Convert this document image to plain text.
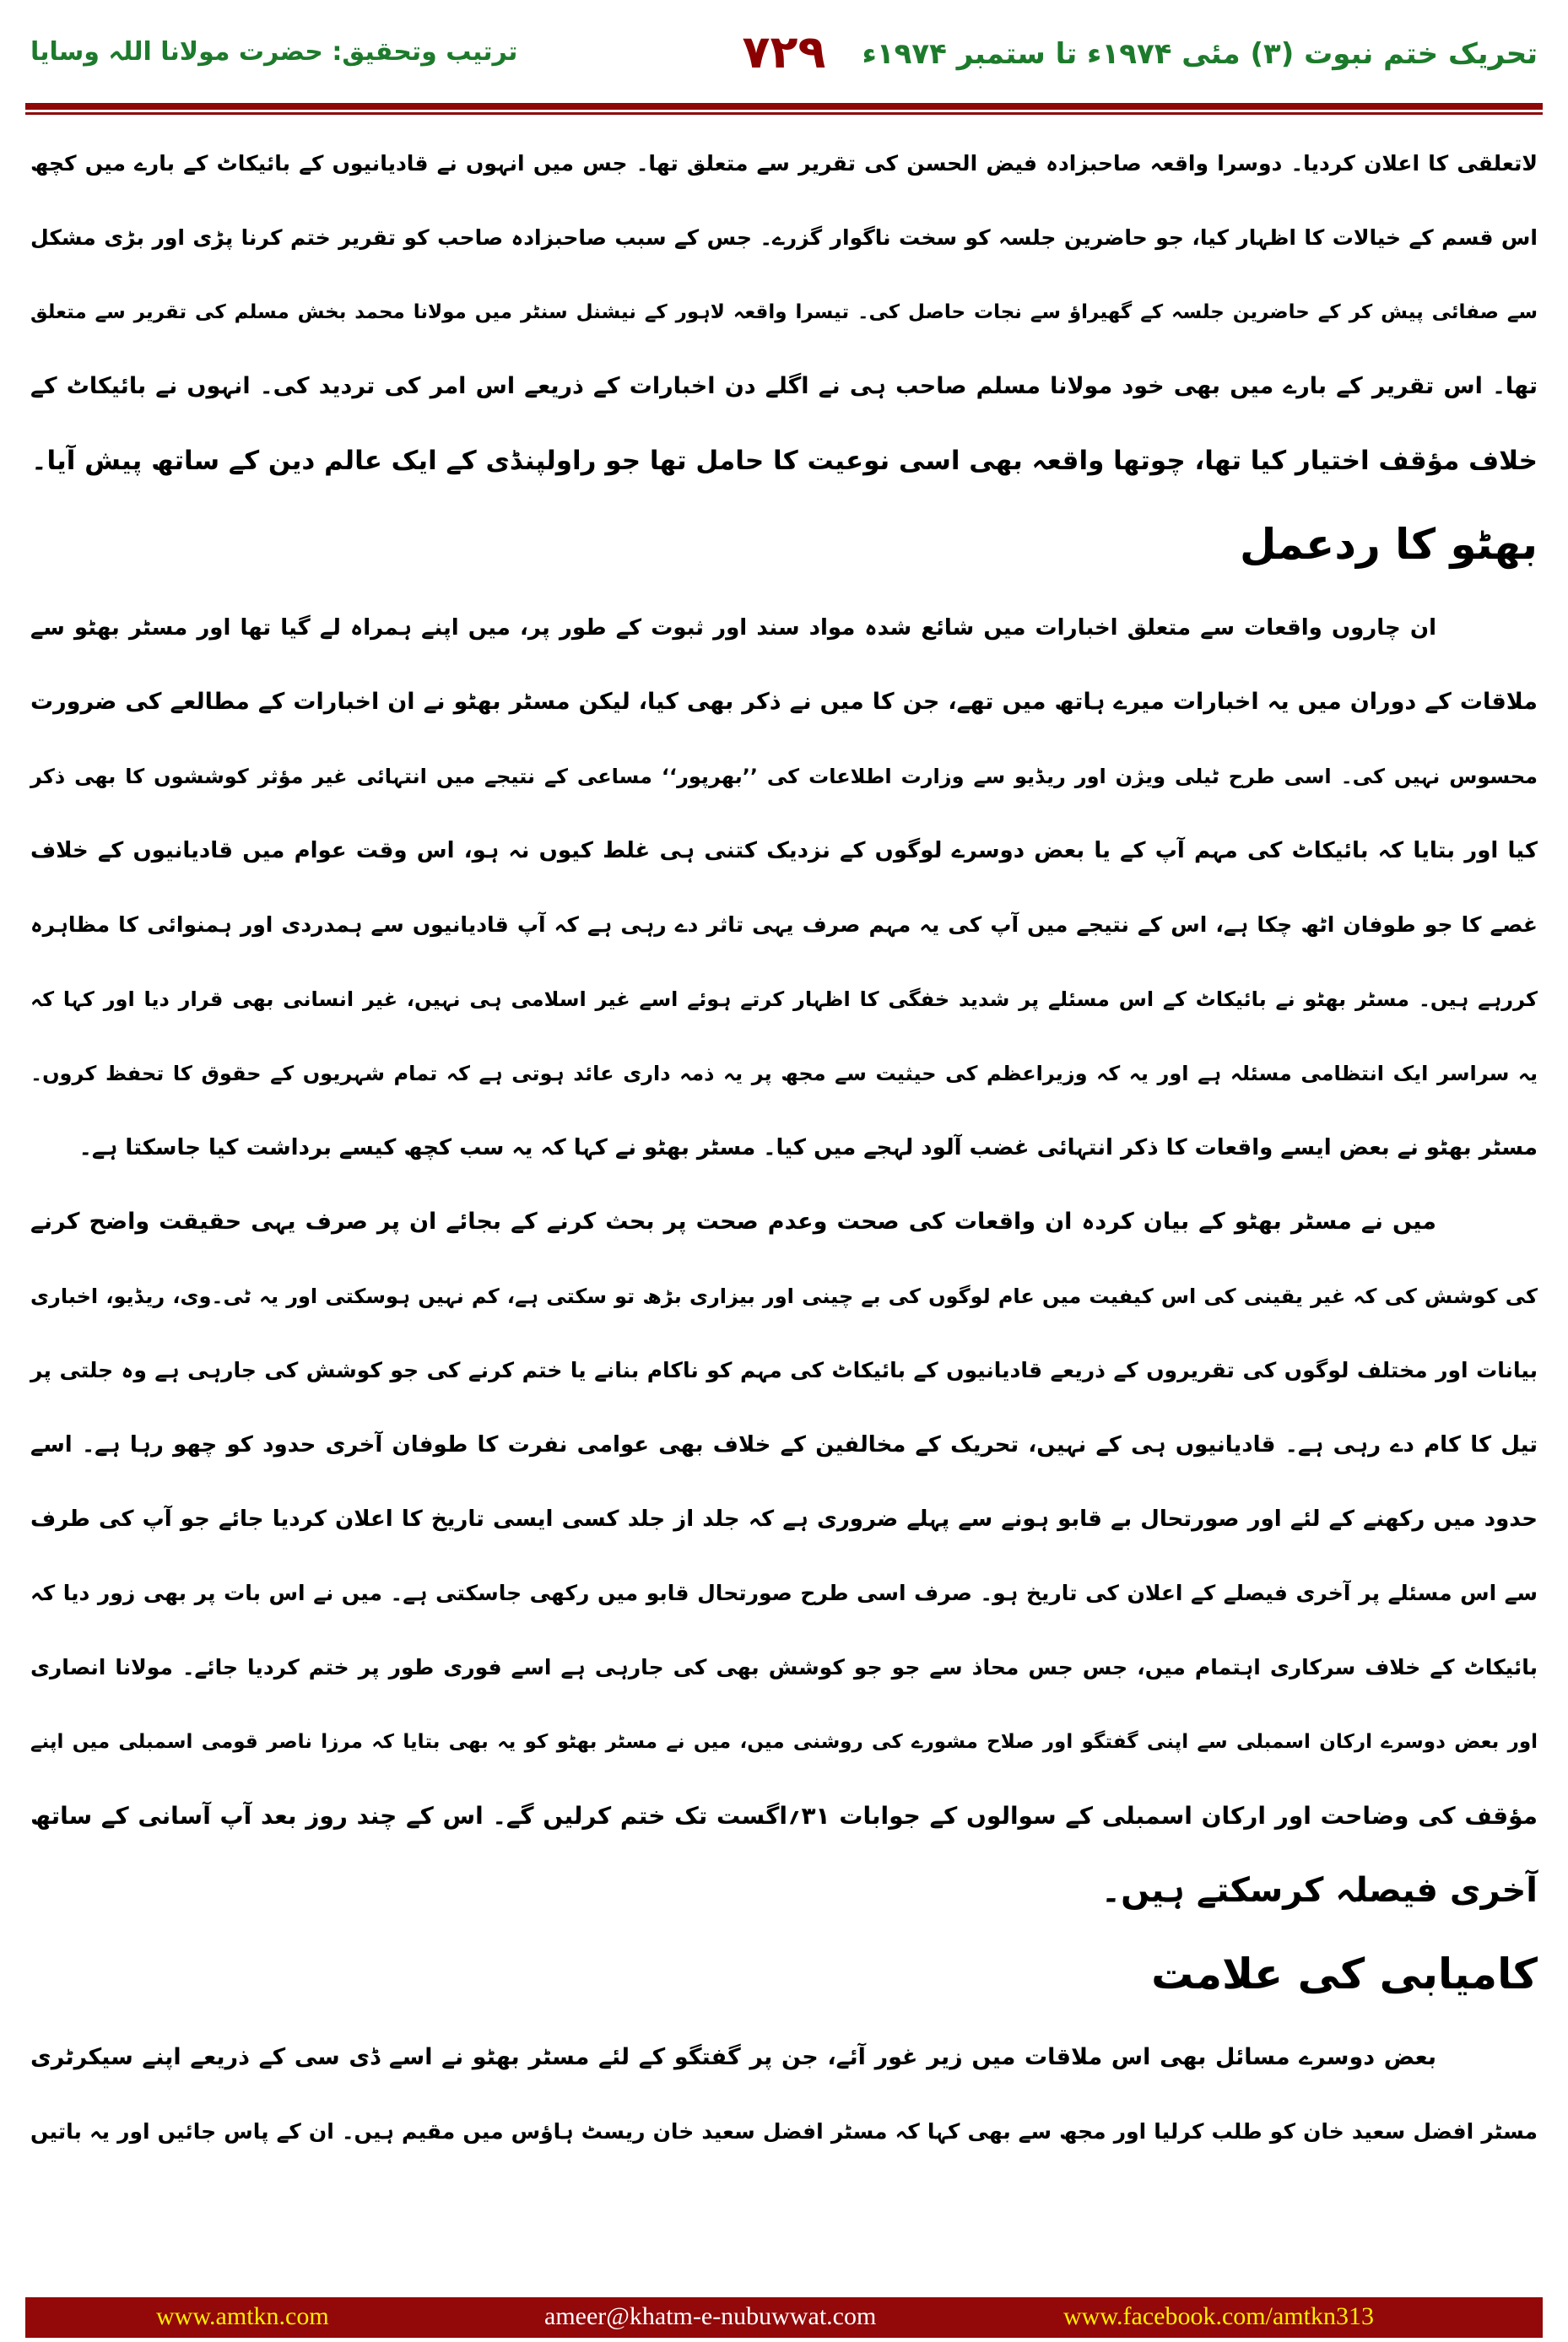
تحریک ختم نبوت (۳) مئی ۱۹۷۴ء تا ستمبر ۱۹۷۴ء
۷۲۹
ترتیب وتحقیق: حضرت مولانا اللہ وسایا
لاتعلقی کا اعلان کردیا۔ دوسرا واقعہ صاحبزادہ فیض الحسن کی تقریر سے متعلق تھا۔ جس میں انہوں نے قادیانیوں کے بائیکاٹ کے بارے میں کچھ
اس قسم کے خیالات کا اظہار کیا، جو حاضرین جلسہ کو سخت ناگوار گزرے۔ جس کے سبب صاحبزادہ صاحب کو تقریر ختم کرنا پڑی اور بڑی مشکل
سے صفائی پیش کر کے حاضرین جلسہ کے گھیراؤ سے نجات حاصل کی۔ تیسرا واقعہ لاہور کے نیشنل سنٹر میں مولانا محمد بخش مسلم کی تقریر سے متعلق
تھا۔ اس تقریر کے بارے میں بھی خود مولانا مسلم صاحب ہی نے اگلے دن اخبارات کے ذریعے اس امر کی تردید کی۔ انہوں نے بائیکاٹ کے
خلاف مؤقف اختیار کیا تھا، چوتھا واقعہ بھی اسی نوعیت کا حامل تھا جو راولپنڈی کے ایک عالم دین کے ساتھ پیش آیا۔
بھٹو کا ردعمل
ان چاروں واقعات سے متعلق اخبارات میں شائع شدہ مواد سند اور ثبوت کے طور پر، میں اپنے ہمراہ لے گیا تھا اور مسٹر بھٹو سے
ملاقات کے دوران میں یہ اخبارات میرے ہاتھ میں تھے، جن کا میں نے ذکر بھی کیا، لیکن مسٹر بھٹو نے ان اخبارات کے مطالعے کی ضرورت
محسوس نہیں کی۔ اسی طرح ٹیلی ویژن اور ریڈیو سے وزارت اطلاعات کی ’’بھرپور‘‘ مساعی کے نتیجے میں انتہائی غیر مؤثر کوششوں کا بھی ذکر
کیا اور بتایا کہ بائیکاٹ کی مہم آپ کے یا بعض دوسرے لوگوں کے نزدیک کتنی ہی غلط کیوں نہ ہو، اس وقت عوام میں قادیانیوں کے خلاف
غصے کا جو طوفان اٹھ چکا ہے، اس کے نتیجے میں آپ کی یہ مہم صرف یہی تاثر دے رہی ہے کہ آپ قادیانیوں سے ہمدردی اور ہمنوائی کا مظاہرہ
کررہے ہیں۔ مسٹر بھٹو نے بائیکاٹ کے اس مسئلے پر شدید خفگی کا اظہار کرتے ہوئے اسے غیر اسلامی ہی نہیں، غیر انسانی بھی قرار دیا اور کہا کہ
یہ سراسر ایک انتظامی مسئلہ ہے اور یہ کہ وزیراعظم کی حیثیت سے مجھ پر یہ ذمہ داری عائد ہوتی ہے کہ تمام شہریوں کے حقوق کا تحفظ کروں۔
مسٹر بھٹو نے بعض ایسے واقعات کا ذکر انتہائی غضب آلود لہجے میں کیا۔ مسٹر بھٹو نے کہا کہ یہ سب کچھ کیسے برداشت کیا جاسکتا ہے۔
میں نے مسٹر بھٹو کے بیان کردہ ان واقعات کی صحت وعدم صحت پر بحث کرنے کے بجائے ان پر صرف یہی حقیقت واضح کرنے
کی کوشش کی کہ غیر یقینی کی اس کیفیت میں عام لوگوں کی بے چینی اور بیزاری بڑھ تو سکتی ہے، کم نہیں ہوسکتی اور یہ ٹی۔وی، ریڈیو، اخباری
بیانات اور مختلف لوگوں کی تقریروں کے ذریعے قادیانیوں کے بائیکاٹ کی مہم کو ناکام بنانے یا ختم کرنے کی جو کوشش کی جارہی ہے وہ جلتی پر
تیل کا کام دے رہی ہے۔ قادیانیوں ہی کے نہیں، تحریک کے مخالفین کے خلاف بھی عوامی نفرت کا طوفان آخری حدود کو چھو رہا ہے۔ اسے
حدود میں رکھنے کے لئے اور صورتحال بے قابو ہونے سے پہلے ضروری ہے کہ جلد از جلد کسی ایسی تاریخ کا اعلان کردیا جائے جو آپ کی طرف
سے اس مسئلے پر آخری فیصلے کے اعلان کی تاریخ ہو۔ صرف اسی طرح صورتحال قابو میں رکھی جاسکتی ہے۔ میں نے اس بات پر بھی زور دیا کہ
بائیکاٹ کے خلاف سرکاری اہتمام میں، جس جس محاذ سے جو جو کوشش بھی کی جارہی ہے اسے فوری طور پر ختم کردیا جائے۔ مولانا انصاری
اور بعض دوسرے ارکان اسمبلی سے اپنی گفتگو اور صلاح مشورے کی روشنی میں، میں نے مسٹر بھٹو کو یہ بھی بتایا کہ مرزا ناصر قومی اسمبلی میں اپنے
مؤقف کی وضاحت اور ارکان اسمبلی کے سوالوں کے جوابات ۳۱؍اگست تک ختم کرلیں گے۔ اس کے چند روز بعد آپ آسانی کے ساتھ
آخری فیصلہ کرسکتے ہیں۔
کامیابی کی علامت
بعض دوسرے مسائل بھی اس ملاقات میں زیر غور آئے، جن پر گفتگو کے لئے مسٹر بھٹو نے اسے ڈی سی کے ذریعے اپنے سیکرٹری
مسٹر افضل سعید خان کو طلب کرلیا اور مجھ سے بھی کہا کہ مسٹر افضل سعید خان ریسٹ ہاؤس میں مقیم ہیں۔ ان کے پاس جائیں اور یہ باتیں
www.amtkn.com	ameer@khatm-e-nubuwwat.com	www.facebook.com/amtkn313
